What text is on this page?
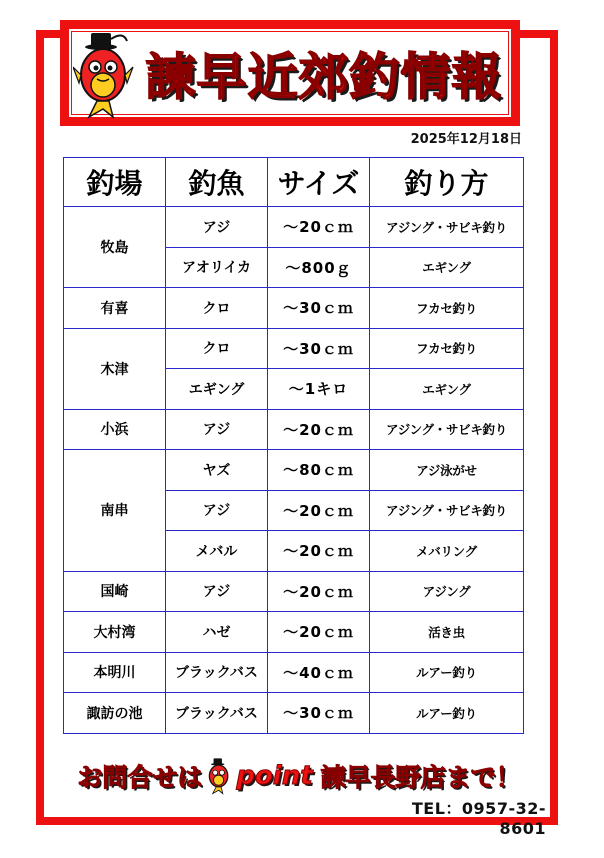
諫早近郊釣情報
2025年12月18日
釣場	釣魚	サイズ	釣り方
牧島	アジ	～20ｃｍ	アジング・サビキ釣り
	アオリイカ	～800ｇ	エギング
有喜	クロ	～30ｃｍ	フカセ釣り
木津	クロ	～30ｃｍ	フカセ釣り
	エギング	～1キロ	エギング
小浜	アジ	～20ｃｍ	アジング・サビキ釣り
南串	ヤズ	～80ｃｍ	アジ泳がせ
	アジ	～20ｃｍ	アジング・サビキ釣り
	メバル	～20ｃｍ	メバリング
国崎	アジ	～20ｃｍ	アジング
大村湾	ハゼ	～20ｃｍ	活き虫
本明川	ブラックバス	～40ｃｍ	ルアー釣り
諏訪の池	ブラックバス	～30ｃｍ	ルアー釣り
お問合せは point 諫早長野店まで！
TEL：0957-32-8601
